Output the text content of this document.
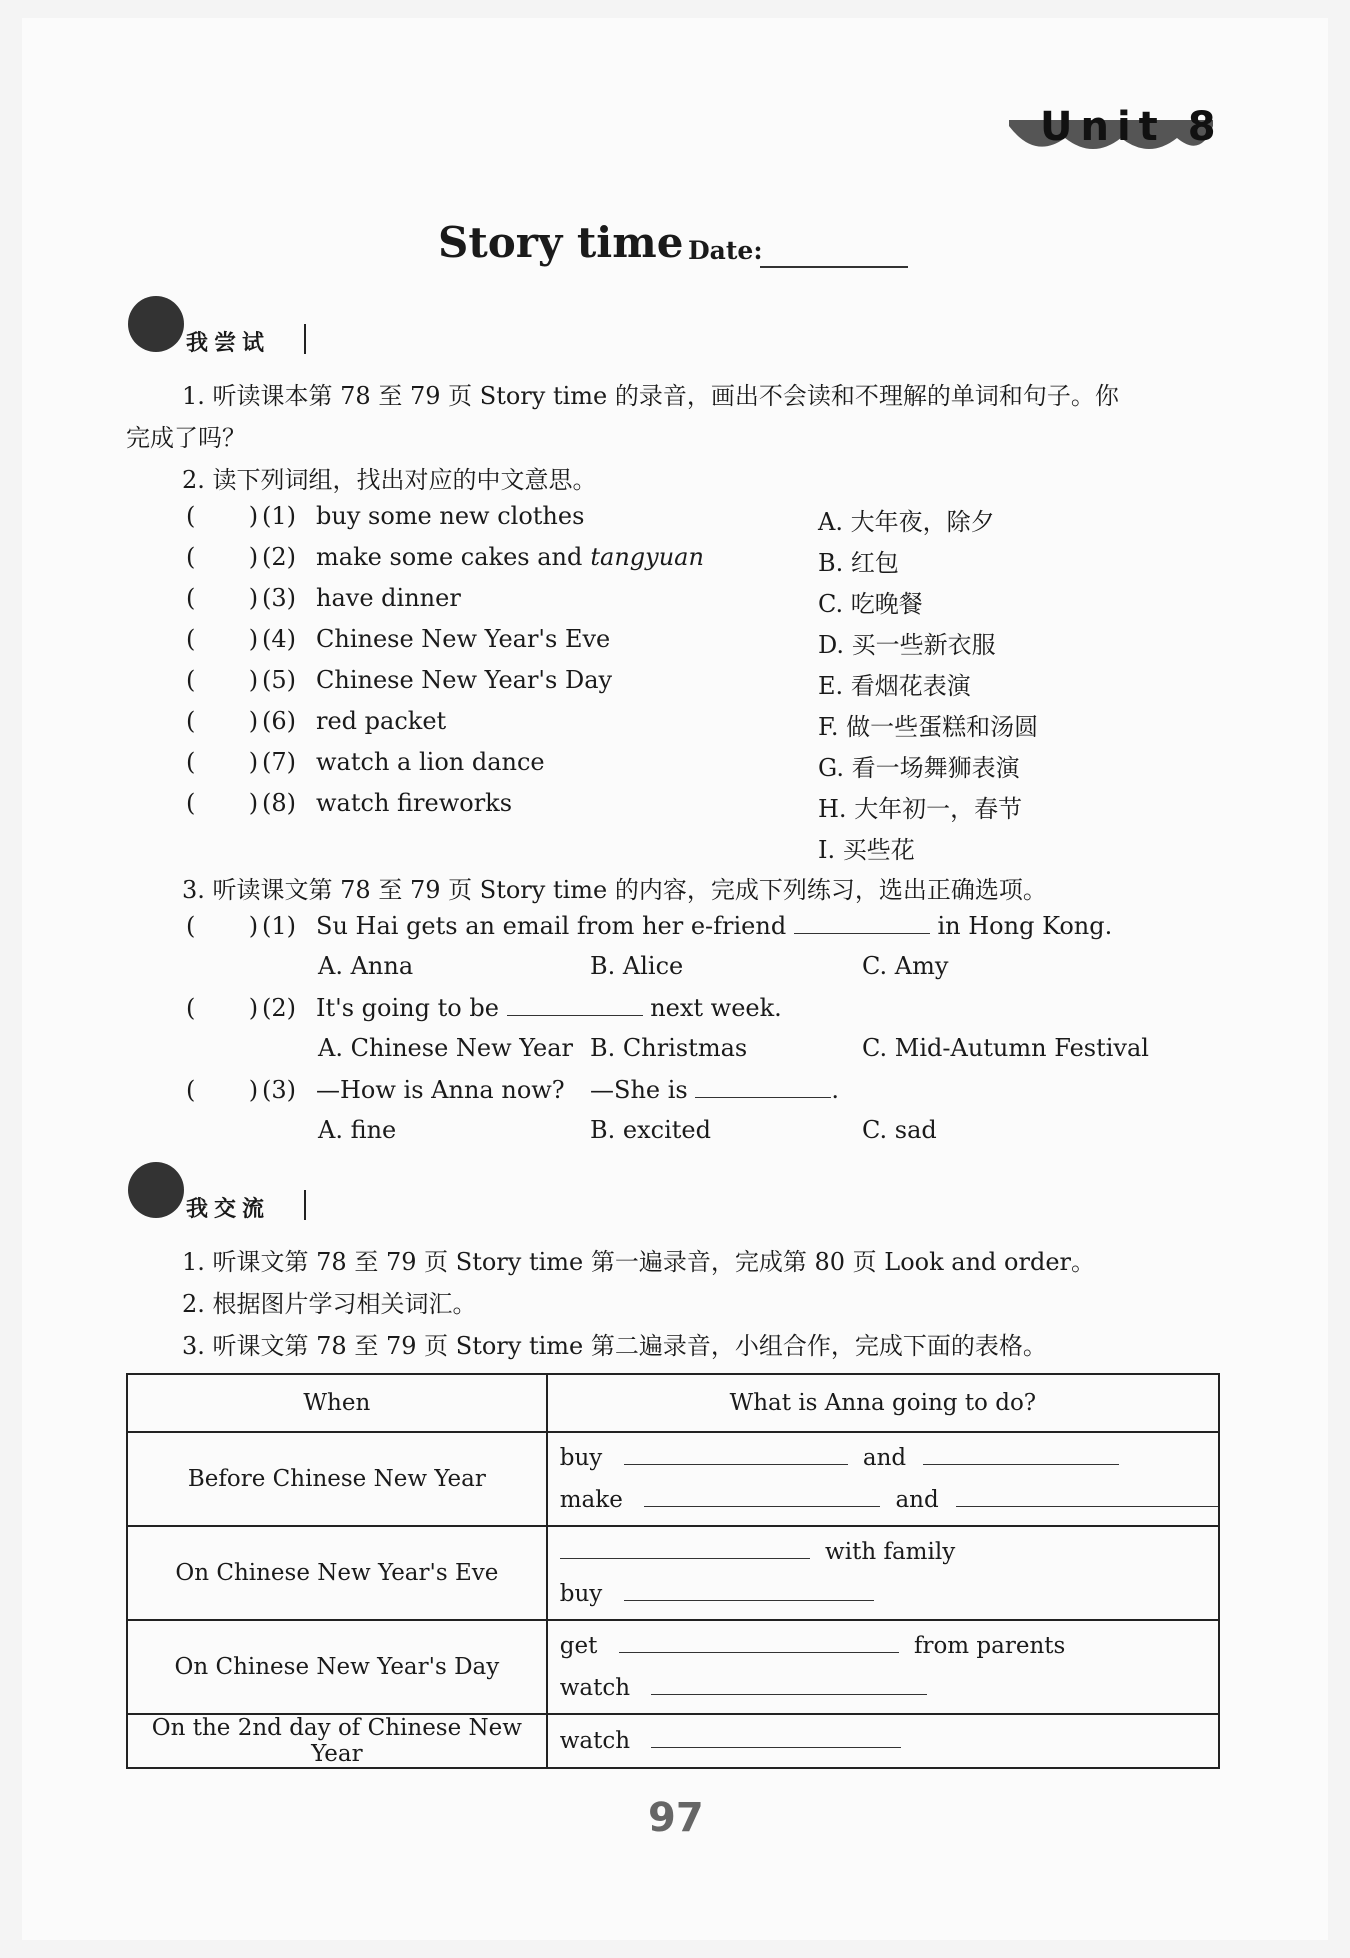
Unit 8
Story time Date:
我尝试
1. 听读课本第 78 至 79 页 Story time 的录音，画出不会读和不理解的单词和句子。你
完成了吗？
2. 读下列词组，找出对应的中文意思。
(       ) (1) buy some new clothes
(       ) (2) make some cakes and tangyuan
(       ) (3) have dinner
(       ) (4) Chinese New Year's Eve
(       ) (5) Chinese New Year's Day
(       ) (6) red packet
(       ) (7) watch a lion dance
(       ) (8) watch fireworks
A. 大年夜，除夕
B. 红包
C. 吃晚餐
D. 买一些新衣服
E. 看烟花表演
F. 做一些蛋糕和汤圆
G. 看一场舞狮表演
H. 大年初一，春节
I. 买些花
3. 听读课文第 78 至 79 页 Story time 的内容，完成下列练习，选出正确选项。
(       ) (1) Su Hai gets an email from her e-friend	in Hong Kong.
A. Anna	B. Alice	C. Amy
(       ) (2) It's going to be	next week.
A. Chinese New Year B. Christmas	C. Mid-Autumn Festival
(       ) (3) —How is Anna now? —She is	.
A. fine	B. excited	C. sad
我交流
1. 听课文第 78 至 79 页 Story time 第一遍录音，完成第 80 页 Look and order。
2. 根据图片学习相关词汇。
3. 听课文第 78 至 79 页 Story time 第二遍录音，小组合作，完成下面的表格。
When	What is Anna going to do?
Before Chinese New Year	buy and
make and

On Chinese New Year's Eve	with family
buy

On Chinese New Year's Day	get from parents
watch

On the 2nd day of Chinese New Year	watch
97
